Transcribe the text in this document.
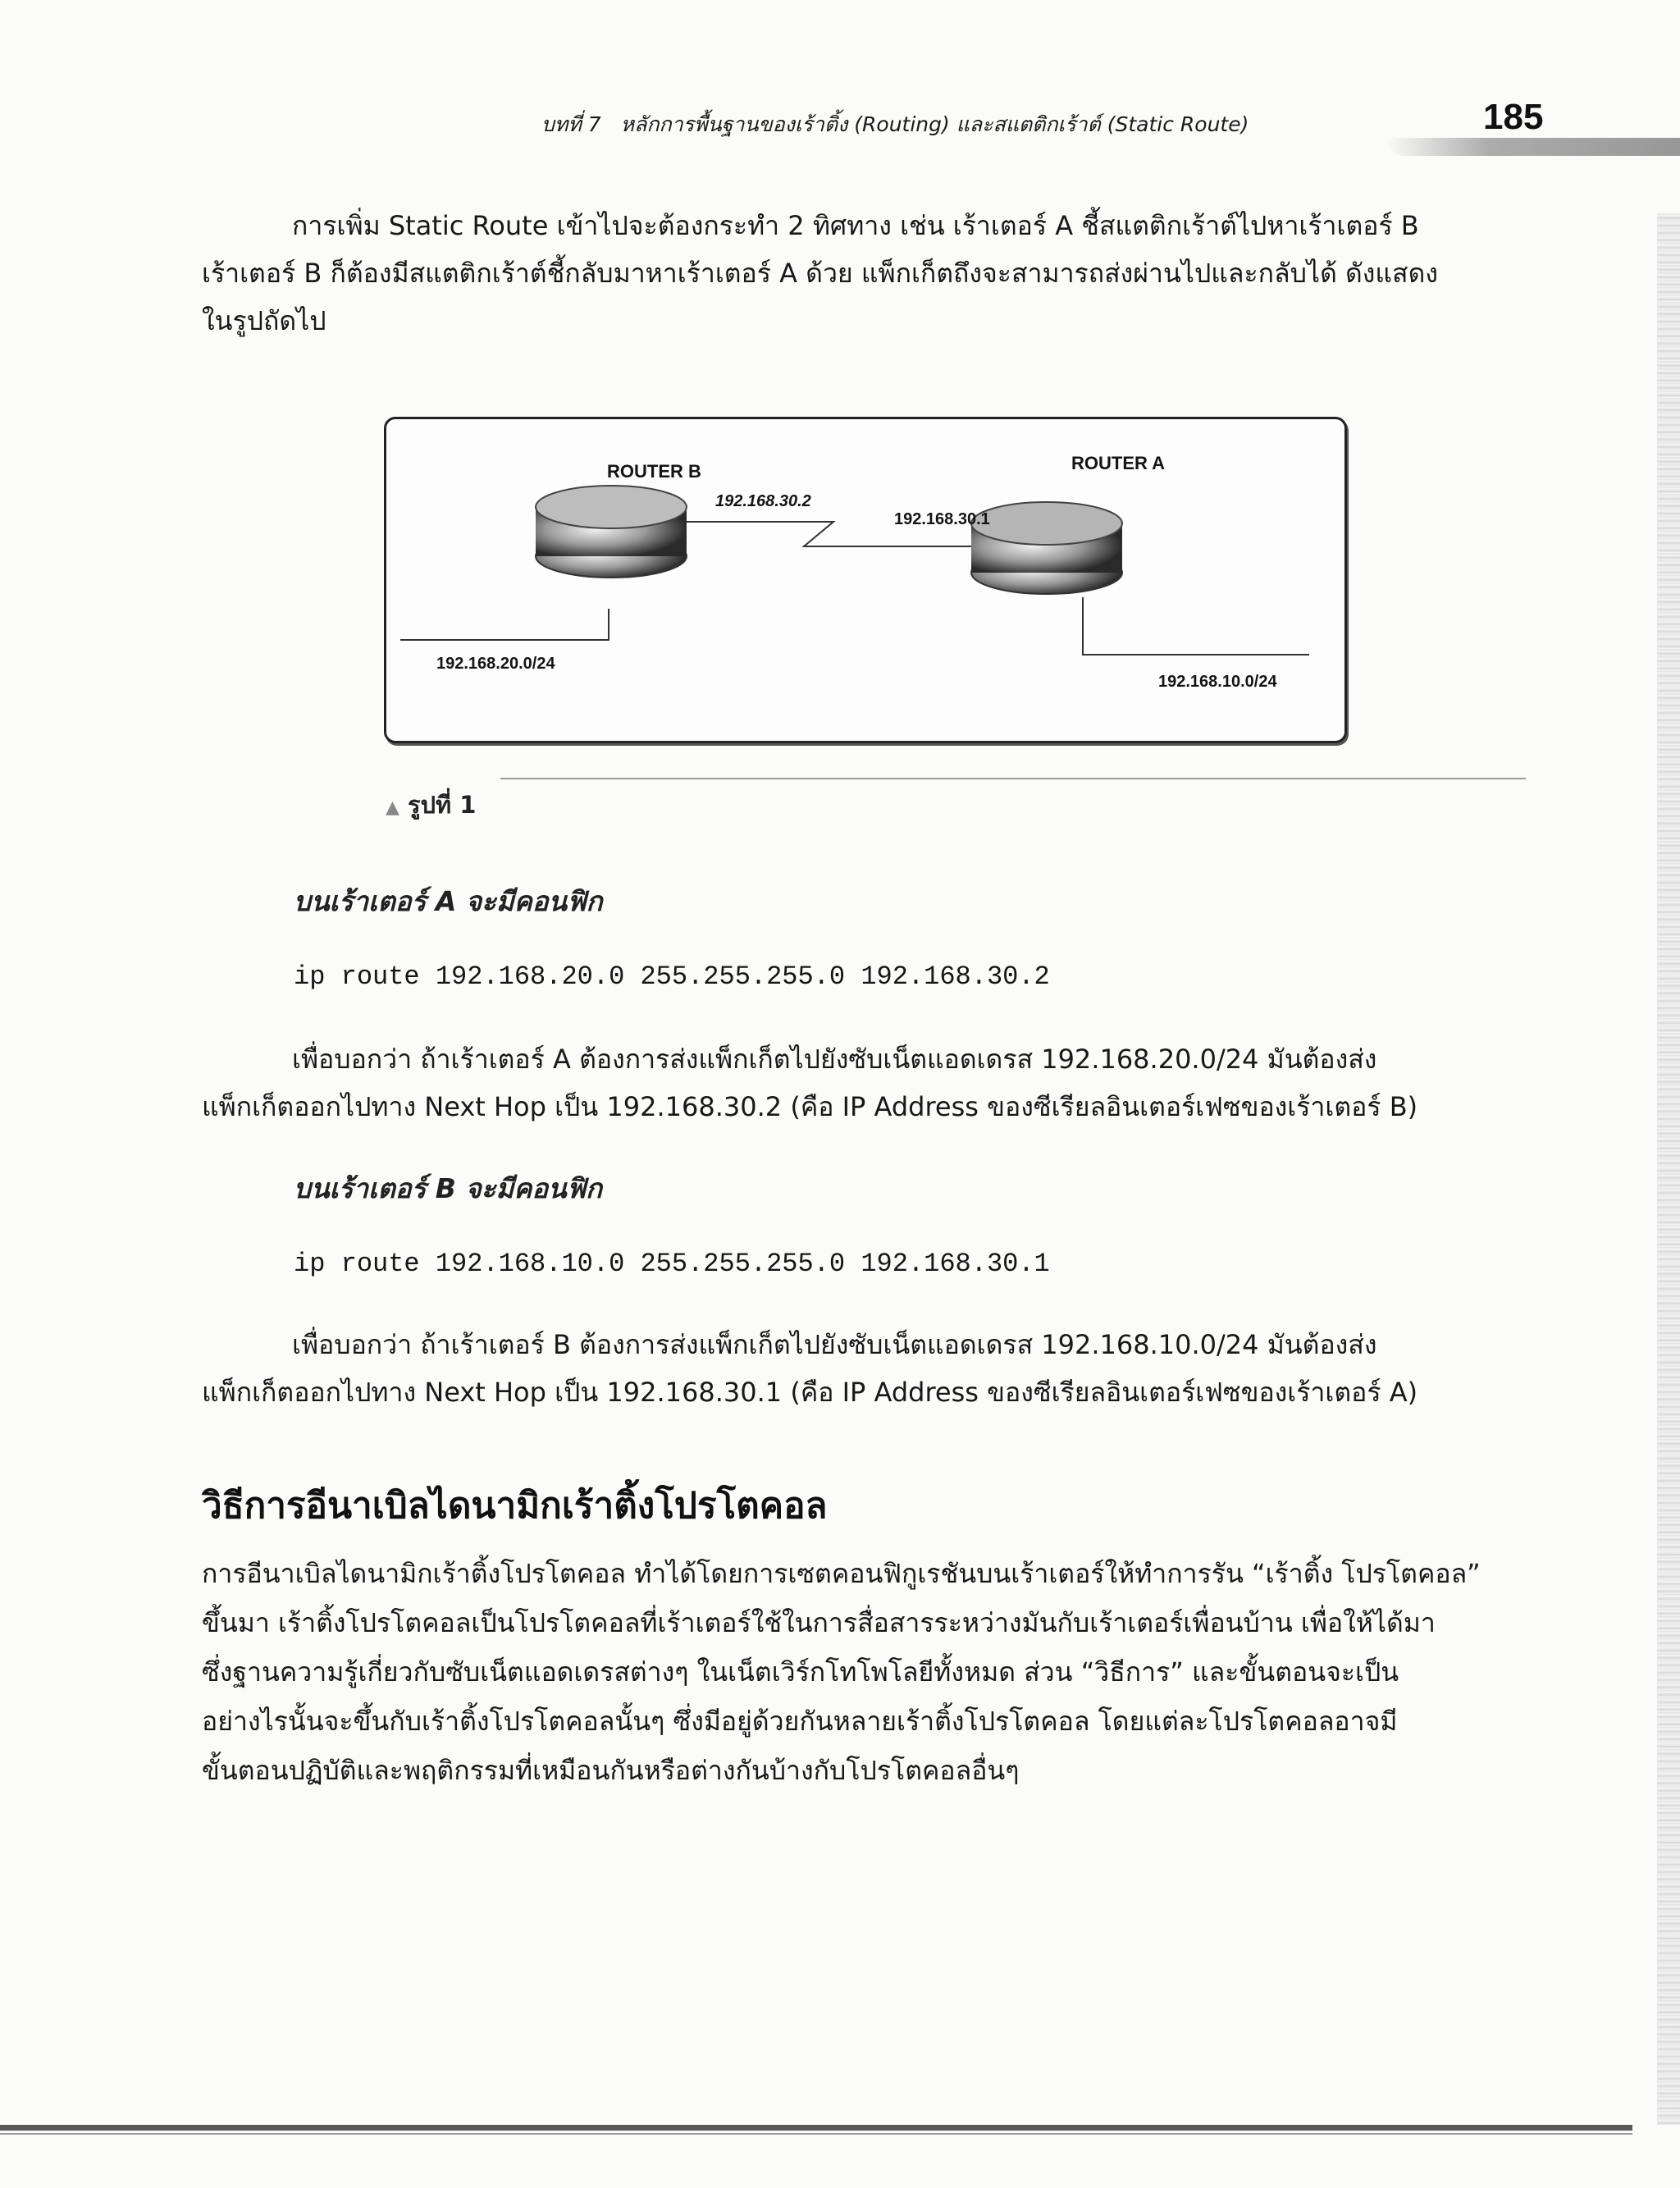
บทที่ 7 หลักการพื้นฐานของเร้าติ้ง (Routing) และสแตติกเร้าต์ (Static Route)	185
การเพิ่ม Static Route เข้าไปจะต้องกระทำ 2 ทิศทาง เช่น เร้าเตอร์ A ชี้สแตติกเร้าต์ไปหาเร้าเตอร์ B
เร้าเตอร์ B ก็ต้องมีสแตติกเร้าต์ชี้กลับมาหาเร้าเตอร์ A ด้วย แพ็กเก็ตถึงจะสามารถส่งผ่านไปและกลับได้ ดังแสดง
ในรูปถัดไป
ROUTER B	ROUTER A
192.168.30.2
192.168.30.1
192.168.20.0/24
192.168.10.0/24
▲ รูปที่ 1
บนเร้าเตอร์ A จะมีคอนฟิก
ip route 192.168.20.0 255.255.255.0 192.168.30.2
เพื่อบอกว่า ถ้าเร้าเตอร์ A ต้องการส่งแพ็กเก็ตไปยังซับเน็ตแอดเดรส 192.168.20.0/24 มันต้องส่ง
แพ็กเก็ตออกไปทาง Next Hop เป็น 192.168.30.2 (คือ IP Address ของซีเรียลอินเตอร์เฟซของเร้าเตอร์ B)
บนเร้าเตอร์ B จะมีคอนฟิก
ip route 192.168.10.0 255.255.255.0 192.168.30.1
เพื่อบอกว่า ถ้าเร้าเตอร์ B ต้องการส่งแพ็กเก็ตไปยังซับเน็ตแอดเดรส 192.168.10.0/24 มันต้องส่ง
แพ็กเก็ตออกไปทาง Next Hop เป็น 192.168.30.1 (คือ IP Address ของซีเรียลอินเตอร์เฟซของเร้าเตอร์ A)
วิธีการอีนาเบิลไดนามิกเร้าติ้งโปรโตคอล
การอีนาเบิลไดนามิกเร้าติ้งโปรโตคอล ทำได้โดยการเซตคอนฟิกูเรชันบนเร้าเตอร์ให้ทำการรัน “เร้าติ้ง โปรโตคอล”
ขึ้นมา เร้าติ้งโปรโตคอลเป็นโปรโตคอลที่เร้าเตอร์ใช้ในการสื่อสารระหว่างมันกับเร้าเตอร์เพื่อนบ้าน เพื่อให้ได้มา
ซึ่งฐานความรู้เกี่ยวกับซับเน็ตแอดเดรสต่างๆ ในเน็ตเวิร์กโทโพโลยีทั้งหมด ส่วน “วิธีการ” และขั้นตอนจะเป็น
อย่างไรนั้นจะขึ้นกับเร้าติ้งโปรโตคอลนั้นๆ ซึ่งมีอยู่ด้วยกันหลายเร้าติ้งโปรโตคอล โดยแต่ละโปรโตคอลอาจมี
ขั้นตอนปฏิบัติและพฤติกรรมที่เหมือนกันหรือต่างกันบ้างกับโปรโตคอลอื่นๆ
